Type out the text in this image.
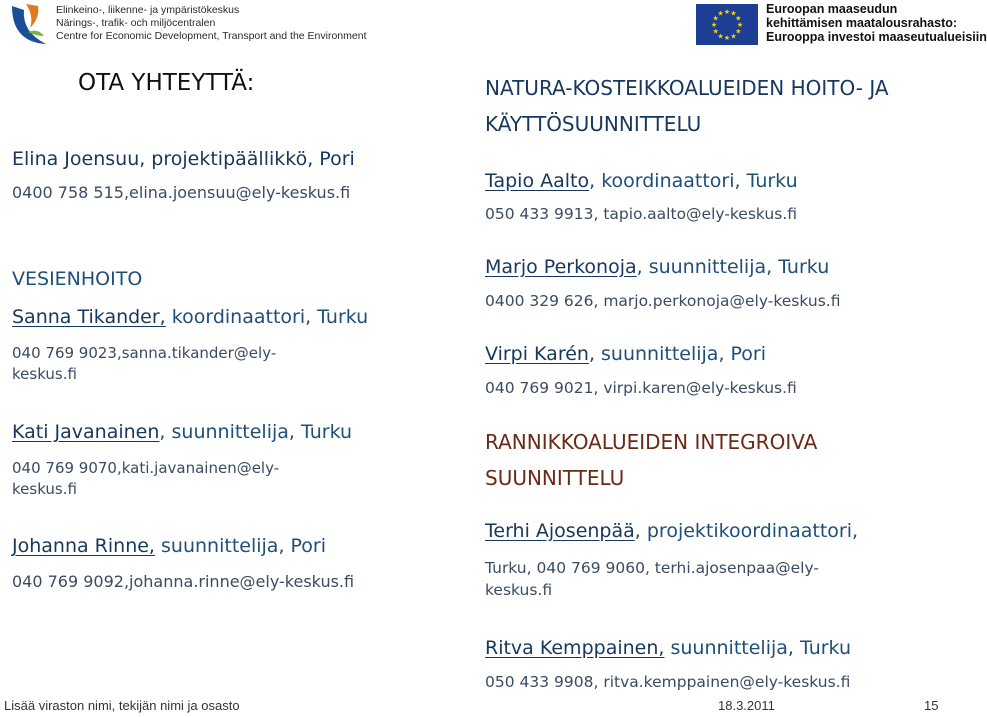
Elinkeino-, liikenne- ja ympäristökeskus
Närings-, trafik- och miljöcentralen
Centre for Economic Development, Transport and the Environment
★ ★
★
★
★
★
★
★
★
★
★
★	Euroopan maaseudun
kehittämisen maatalousrahasto:
Eurooppa investoi maaseutualueisiin
OTA YHTEYTTÄ:
Elina Joensuu, projektipäällikkö, Pori
0400 758 515,elina.joensuu@ely-keskus.fi
VESIENHOITO
Sanna Tikander, koordinaattori, Turku
040 769 9023,sanna.tikander@ely-
keskus.fi
Kati Javanainen, suunnittelija, Turku
040 769 9070,kati.javanainen@ely-
keskus.fi
Johanna Rinne, suunnittelija, Pori
040 769 9092,johanna.rinne@ely-keskus.fi
NATURA-KOSTEIKKOALUEIDEN HOITO- JA
KÄYTTÖSUUNNITTELU
Tapio Aalto, koordinaattori, Turku
050 433 9913, tapio.aalto@ely-keskus.fi
Marjo Perkonoja, suunnittelija, Turku
0400 329 626, marjo.perkonoja@ely-keskus.fi
Virpi Karén, suunnittelija, Pori
040 769 9021, virpi.karen@ely-keskus.fi
RANNIKKOALUEIDEN INTEGROIVA
SUUNNITTELU
Terhi Ajosenpää, projektikoordinaattori,
Turku, 040 769 9060, terhi.ajosenpaa@ely-
keskus.fi
Ritva Kemppainen, suunnittelija, Turku
050 433 9908, ritva.kemppainen@ely-keskus.fi
Lisää viraston nimi, tekijän nimi ja osasto	18.3.2011	15
